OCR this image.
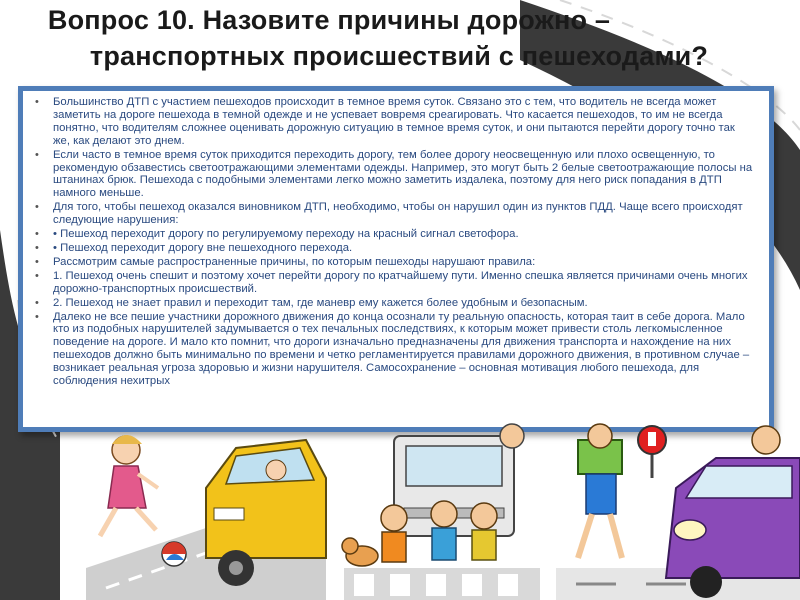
Вопрос 10. Назовите причины дорожно –
транспортных происшествий с пешеходами?
• Большинство ДТП с участием пешеходов происходит в темное время суток. Связано это с тем, что водитель не всегда может заметить на дороге пешехода в темной одежде и не успевает вовремя среагировать. Что касается пешеходов, то им не всегда понятно, что водителям сложнее оценивать дорожную ситуацию в темное время суток, и они пытаются перейти дорогу точно так же, как делают это днем.
• Если часто в темное время суток приходится переходить дорогу, тем более дорогу неосвещенную или плохо освещенную, то рекомендую обзавестись светоотражающими элементами одежды. Например, это могут быть 2 белые светоотражающие полосы на штанинах брюк. Пешехода с подобными элементами легко можно заметить издалека, поэтому для него риск попадания в ДТП намного меньше.
• Для того, чтобы пешеход оказался виновником ДТП, необходимо, чтобы он нарушил один из пунктов ПДД. Чаще всего происходят следующие нарушения:
• • Пешеход переходит дорогу по регулируемому переходу на красный сигнал светофора.
• • Пешеход переходит дорогу вне пешеходного перехода.
• Рассмотрим самые распространенные причины, по которым пешеходы нарушают правила:
• 1. Пешеход очень спешит и поэтому хочет перейти дорогу по кратчайшему пути. Именно спешка является причинами очень многих дорожно-транспортных происшествий.
• 2. Пешеход не знает правил и переходит там, где маневр ему кажется более удобным и безопасным.
• Далеко не все пешие участники дорожного движения до конца осознали ту реальную опасность, которая таит в себе дорога. Мало кто из подобных нарушителей задумывается о тех печальных последствиях, к которым может привести столь легкомысленное поведение на дороге. И мало кто помнит, что дороги изначально предназначены для движения транспорта и нахождение на них пешеходов должно быть минимально по времени и четко регламентируется правилами дорожного движения, в противном случае – возникает реальная угроза здоровью и жизни нарушителя. Самосохранение – основная мотивация любого пешехода, для соблюдения нехитрых
